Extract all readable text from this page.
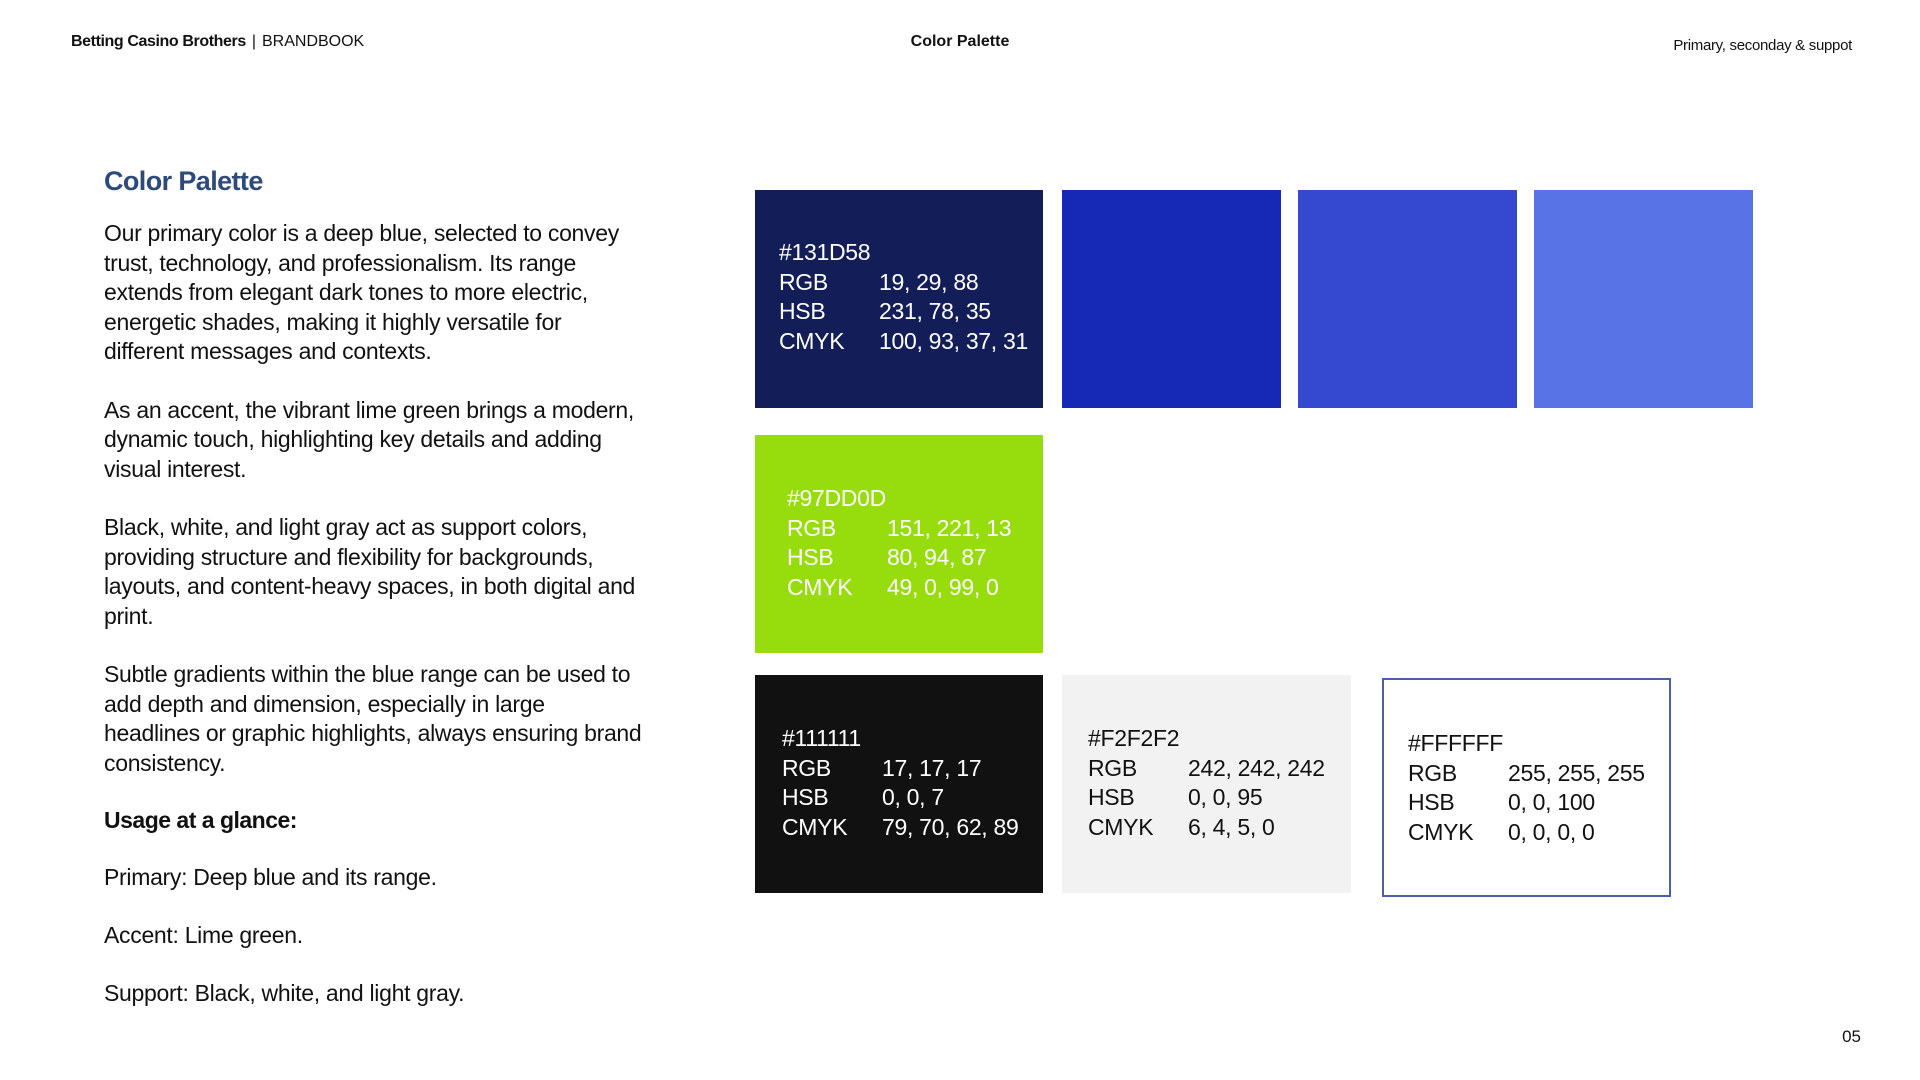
Betting Casino Brothers | BRANDBOOK	Color Palette	Primary, seconday & suppot
Color Palette

Our primary color is a deep blue, selected to convey trust, technology, and professionalism. Its range extends from elegant dark tones to more electric, energetic shades, making it highly versatile for different messages and contexts.

As an accent, the vibrant lime green brings a modern, dynamic touch, highlighting key details and adding visual interest.

Black, white, and light gray act as support colors, providing structure and flexibility for backgrounds, layouts, and content-heavy spaces, in both digital and print.

Subtle gradients within the blue range can be used to add depth and dimension, especially in large headlines or graphic highlights, always ensuring brand consistency.

Usage at a glance:
Primary: Deep blue and its range.
Accent: Lime green.
Support: Black, white, and light gray.
#131D58
RGB	19, 29, 88
HSB	231, 78, 35
CMYK	100, 93, 37, 31
#97DD0D
RGB	151, 221, 13
HSB	80, 94, 87
CMYK	49, 0, 99, 0
#111111
RGB	17, 17, 17
HSB	0, 0, 7
CMYK	79, 70, 62, 89
#F2F2F2
RGB	242, 242, 242
HSB	0, 0, 95
CMYK	6, 4, 5, 0
#FFFFFF
RGB	255, 255, 255
HSB	0, 0, 100
CMYK	0, 0, 0, 0
05
